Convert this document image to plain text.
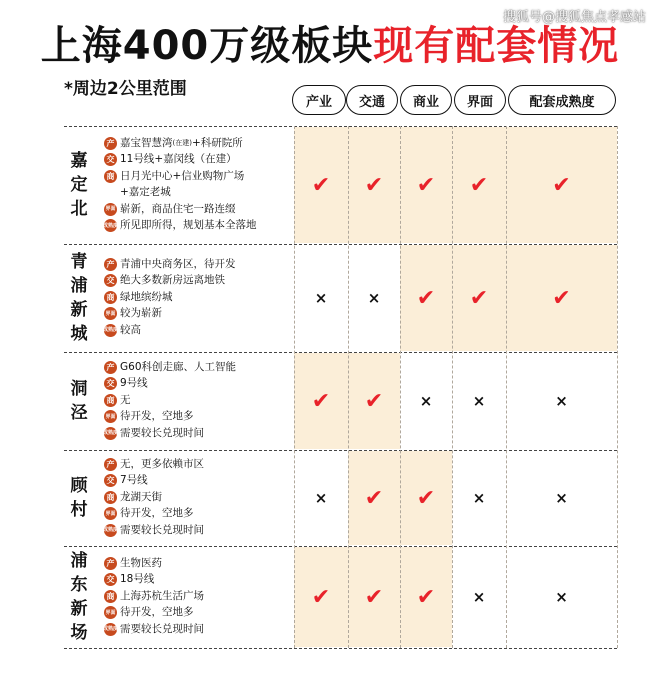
上海400万级板块现有配套情况
搜狐号@搜狐焦点孝感站
*周边2公里范围
产业	交通	商业	界面	配套成熟度
嘉
定
北
产 嘉宝智慧湾 (在建) +科研院所
交 11号线+嘉闵线（在建）
商 日月光中心+信业购物广场
+嘉定老城
界面 崭新，商品住宅一路连缀
成熟度 所见即所得，规划基本全落地
✔ ✔ ✔ ✔	✔
青
浦
新
城
产 青浦中央商务区，待开发
交 绝大多数新房远离地铁
商 绿地缤纷城
界面 较为崭新
成熟度 较高
×	× ✔ ✔	✔
洞
泾
产 G60科创走廊、人工智能
交 9号线
商 无
界面 待开发，空地多
成熟度 需要较长兑现时间
✔ ✔ ×	×	×
顾
村
产 无，更多依赖市区
交 7号线
商 龙湖天街
界面 待开发，空地多
成熟度 需要较长兑现时间
× ✔ ✔ ×	×
浦
东
新
场
产 生物医药
交 18号线
商 上海苏杭生活广场
界面 待开发，空地多
成熟度 需要较长兑现时间
✔ ✔ ✔ ×	×
